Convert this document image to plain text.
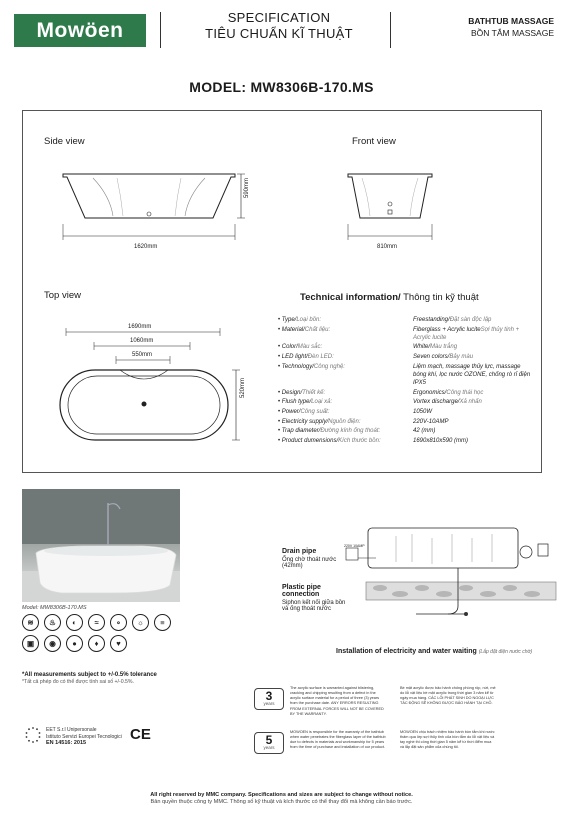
Mowöen
SPECIFICATION
TIÊU CHUẨN KĨ THUẬT
BATHTUB MASSAGE
BỒN TẮM MASSAGE
MODEL: MW8306B-170.MS
Side view	Front view
Top view
1620mm
590mm
810mm
1690mm
1060mm
550mm
520mm
Technical information/ Thông tin kỹ thuật
• Type/Loại bồn:	Freestanding/Đặt sàn độc lập
• Material/Chất liệu:	Fiberglass + Acrylic luciteSợi thủy tinh + Acrylic lucite
• Color/Màu sắc:	White/Màu trắng
• LED light/Đèn LED:	Seven colors/Bảy màu
• Technology/Công nghệ:	Liệm mạch, massage thủy lực, massage bóng khí, lọc nước OZONE, chống rò rỉ điện IPX5
• Design/Thiết kế:	Ergonomics/Công thái học
• Flush type/Loại xả:	Vortex discharge/Xả nhấn
• Power/Công suất:	1050W
• Electricity supply/Nguồn điện:	220V-10AMP
• Trap diameter/Đường kính ống thoát:	42 (mm)
• Product dumensions/Kích thước bồn:	1690x810x590 (mm)
Model: MW8306B-170.MS
≋	♨	◐	≈	∘	☼	≡
▣	◉	●	♦	♥
220V 10AMP
Drain pipe
Ống chờ thoát nước (42mm)
Plastic pipe connection
Siphon kết nối giữa bồn và ống thoát nước
Installation of electricity and water waiting (Lắp đặt điện nước chờ)
*All measurements subject to +/-0.5% tolerance
*Tất cả phép đo có thể được tính sai số +/-0.5%.
EET S.r.l Unipersonale
Istituto Servizi Europei Tecnologici
EN 14516: 2015	CE
3
years
The acrylic surface is warranted against blistering, cracking and chipping resulting from a defect in the acrylic surface material for a period of three (3) years from the purchase date. ANY ERRORS RESULTING FROM EXTERNAL FORCES WILL NOT BE COVERED BY THE WARRANTY.
Bề mặt acrylic được bảo hành chống phồng rộp, nứt, mẻ do lỗi vật liệu bề mặt acrylic trong thời gian 3 năm kể từ ngày mua hàng. CÁC LỖI PHÁT SINH DO NGOẠI LỰC TÁC ĐỘNG SẼ KHÔNG ĐƯỢC BẢO HÀNH TẠI CHỖ.
5
years
MOWOEN is responsible for the warranty of the bathtub when water penetrates the fiberglass layer of the bathtub due to defects in materials and workmanship for 5 years from the time of purchase and installation of our product.
MOWOEN chịu trách nhiệm bảo hành bồn tắm khi nước thấm qua lớp sợi thủy tinh của bồn tắm do lỗi vật liệu và tay nghề thi công thời gian 5 năm kể từ thời điểm mua và lắp đặt sản phẩm của chúng tôi.
All right reserved by MMC company. Specifications and sizes are subject to change without notice.
Bản quyền thuộc công ty MMC. Thông số kỹ thuật và kích thước có thể thay đổi mà không cần báo trước.
